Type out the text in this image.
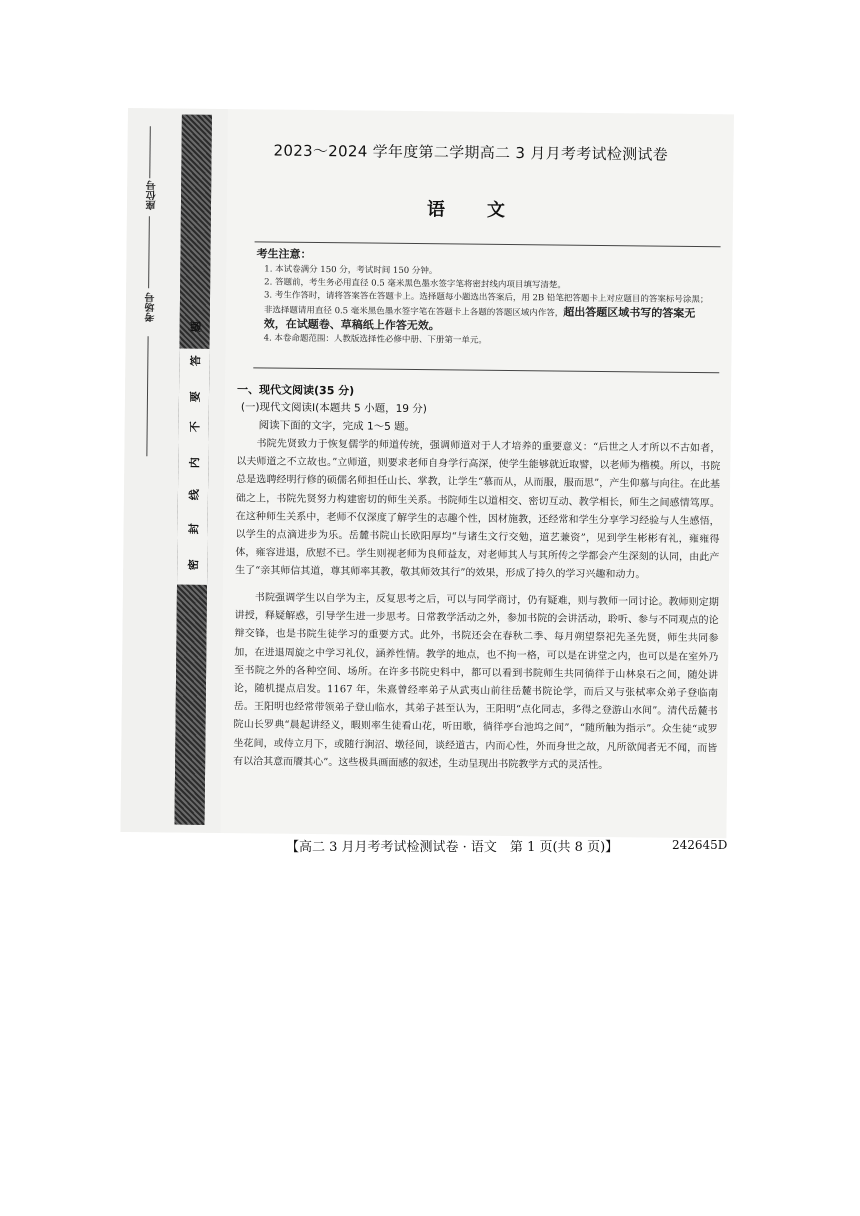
座位号
考场号
题
答
要
不
内
线
封
密
2023～2024 学年度第二学期高二 3 月月考考试检测试卷
语文
考生注意：
1. 本试卷满分 150 分，考试时间 150 分钟。
2. 答题前，考生务必用直径 0.5 毫米黑色墨水签字笔将密封线内项目填写清楚。
3. 考生作答时，请将答案答在答题卡上。选择题每小题选出答案后，用 2B 铅笔把答题卡上对应题目的答案标号涂黑；非选择题请用直径 0.5 毫米黑色墨水签字笔在答题卡上各题的答题区域内作答，超出答题区域书写的答案无效，在试题卷、草稿纸上作答无效。
4. 本卷命题范围：人教版选择性必修中册、下册第一单元。
一、现代文阅读(35 分)
(一)现代文阅读Ⅰ(本题共 5 小题，19 分)
阅读下面的文字，完成 1～5 题。

书院先贤致力于恢复儒学的师道传统，强调师道对于人才培养的重要意义：“后世之人才所以不古如者，以夫师道之不立故也。”立师道，则要求老师自身学行高深，使学生能够就近取譬，以老师为楷模。所以，书院总是选聘经明行修的硕儒名师担任山长、掌教，让学生“慕而从，从而服，服而思”，产生仰慕与向往。在此基础之上，书院先贤努力构建密切的师生关系。书院师生以道相交、密切互动、教学相长，师生之间感情笃厚。在这种师生关系中，老师不仅深度了解学生的志趣个性，因材施教，还经常和学生分享学习经验与人生感悟，以学生的点滴进步为乐。岳麓书院山长欧阳厚均“与诸生文行交勉，道艺兼资”，见到学生彬彬有礼，雍雍得体，雍容进退，欣慰不已。学生则视老师为良师益友，对老师其人与其所传之学都会产生深刻的认同，由此产生了“亲其师信其道，尊其师率其教，敬其师效其行”的效果，形成了持久的学习兴趣和动力。

书院强调学生以自学为主，反复思考之后，可以与同学商讨，仍有疑难，则与教师一同讨论。教师则定期讲授，释疑解惑，引导学生进一步思考。日常教学活动之外，参加书院的会讲活动，聆听、参与不同观点的论辩交锋，也是书院生徒学习的重要方式。此外，书院还会在春秋二季、每月朔望祭祀先圣先贤，师生共同参加，在进退周旋之中学习礼仪，涵养性情。教学的地点，也不拘一格，可以是在讲堂之内，也可以是在室外乃至书院之外的各种空间、场所。在许多书院史料中，都可以看到书院师生共同徜徉于山林泉石之间，随处讲论，随机提点启发。1167 年，朱熹曾经率弟子从武夷山前往岳麓书院论学，而后又与张栻率众弟子登临南岳。王阳明也经常带领弟子登山临水，其弟子甚至认为，王阳明“点化同志，多得之登游山水间”。清代岳麓书院山长罗典“晨起讲经义，暇则率生徒看山花，听田歌，徜徉亭台池坞之间”，“随所触为指示”。众生徒“或罗坐花间，或侍立月下，或随行涧沼、墩径间，谈经道古，内而心性，外而身世之故，凡所欲闻者无不闻，而皆有以洽其意而餍其心”。这些极具画面感的叙述，生动呈现出书院教学方式的灵活性。

【高二 3 月月考考试检测试卷 · 语文　第 1 页(共 8 页)】	242645D
